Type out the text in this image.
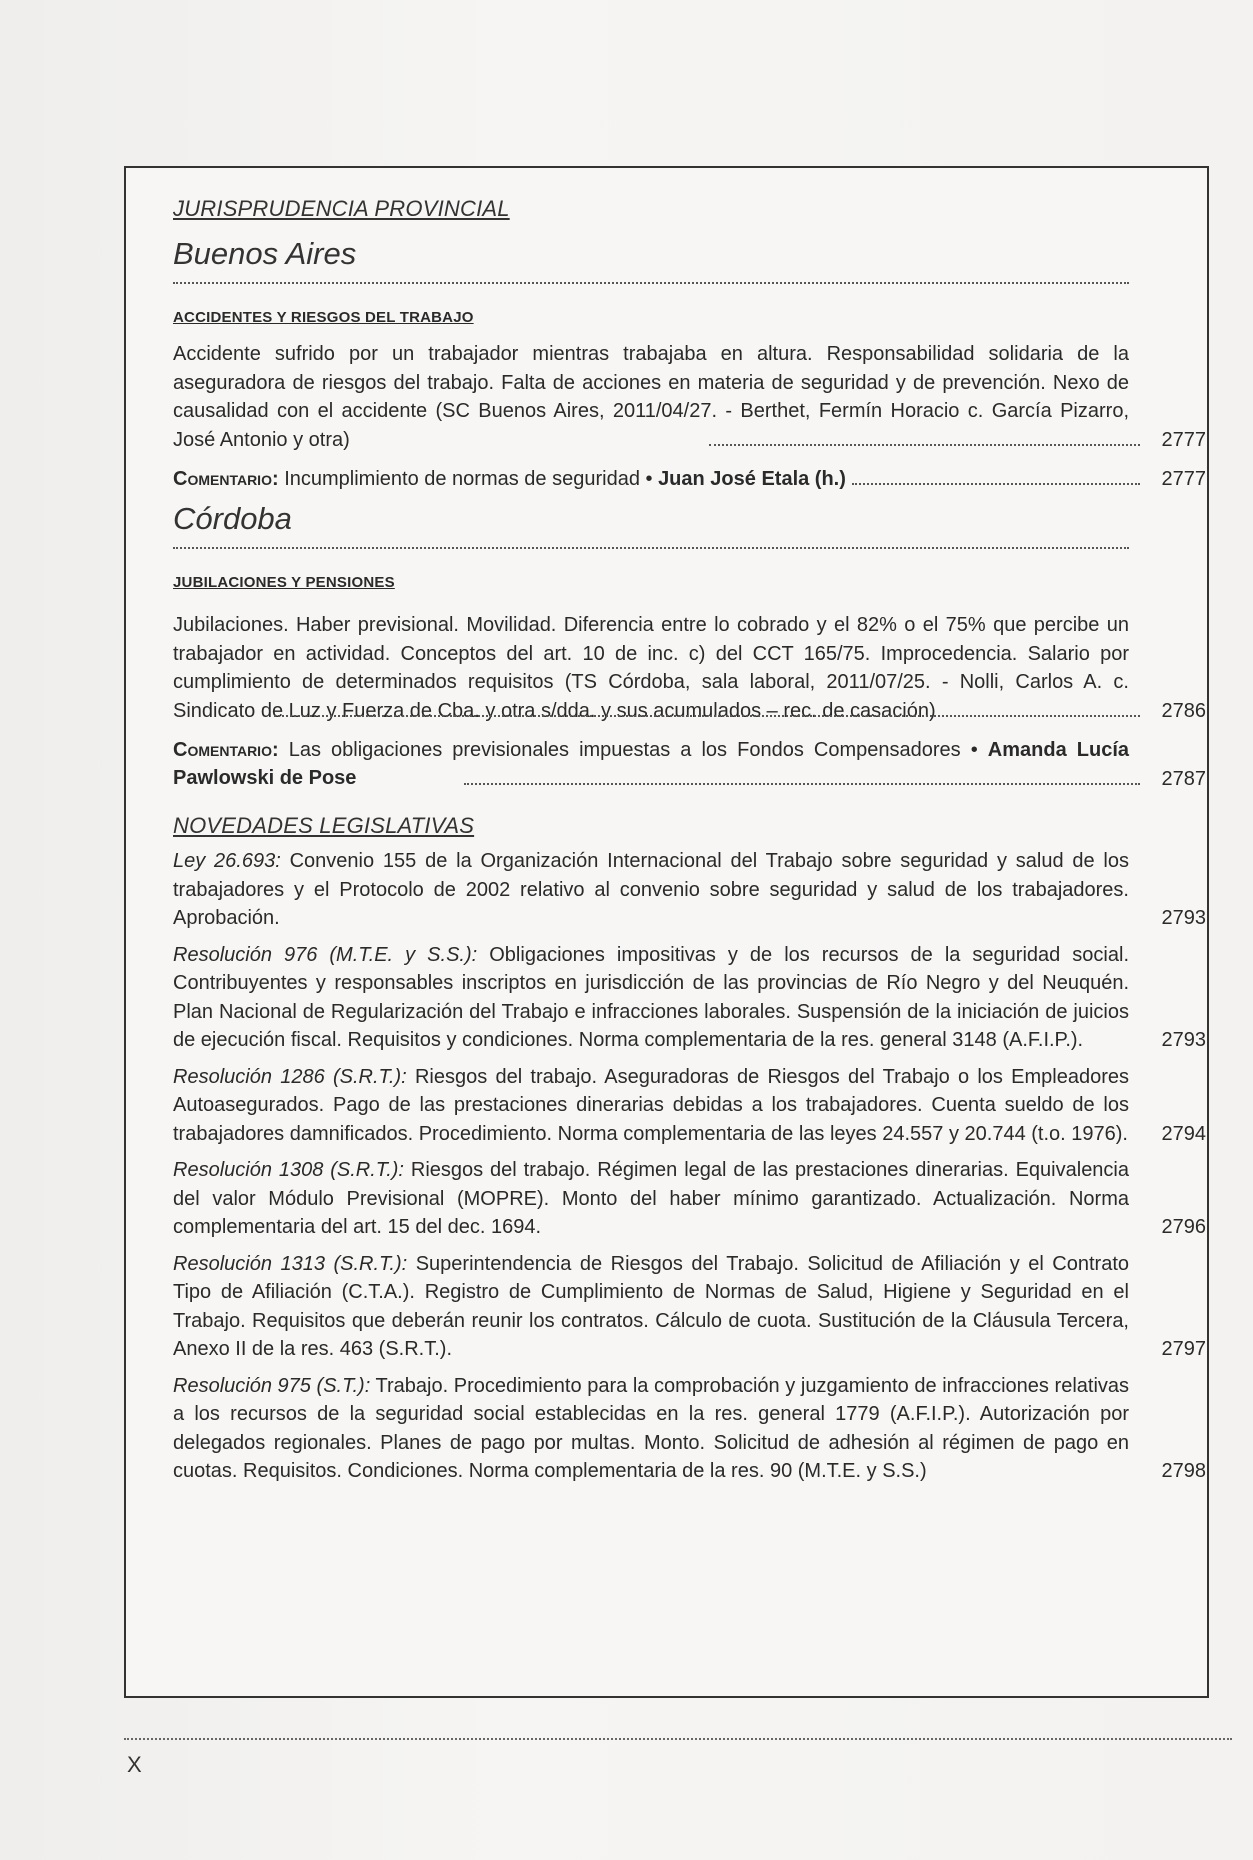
JURISPRUDENCIA PROVINCIAL

Buenos Aires

ACCIDENTES Y RIESGOS DEL TRABAJO

Accidente sufrido por un trabajador mientras trabajaba en altura. Responsabilidad solidaria de la aseguradora de riesgos del trabajo. Falta de acciones en materia de seguridad y de prevención. Nexo de causalidad con el accidente (SC Buenos Aires, 2011/04/27. - Berthet, Fermín Horacio c. García Pizarro, José Antonio y otra)	2777
Comentario: Incumplimiento de normas de seguridad • Juan José Etala (h.)	2777
Córdoba

JUBILACIONES Y PENSIONES

Jubilaciones. Haber previsional. Movilidad. Diferencia entre lo cobrado y el 82% o el 75% que percibe un trabajador en actividad. Conceptos del art. 10 de inc. c) del CCT 165/75. Improcedencia. Salario por cumplimiento de determinados requisitos (TS Córdoba, sala laboral, 2011/07/25. - Nolli, Carlos A. c. Sindicato de Luz y Fuerza de Cba. y otra s/dda. y sus acumulados – rec. de casación)	2786
Comentario: Las obligaciones previsionales impuestas a los Fondos Compensadores • Amanda Lucía Pawlowski de Pose	2787

NOVEDADES LEGISLATIVAS

Ley 26.693: Convenio 155 de la Organización Internacional del Trabajo sobre seguridad y salud de los trabajadores y el Protocolo de 2002 relativo al convenio sobre seguridad y salud de los trabajadores. Aprobación.	2793
Resolución 976 (M.T.E. y S.S.): Obligaciones impositivas y de los recursos de la seguridad social. Contribuyentes y responsables inscriptos en jurisdicción de las provincias de Río Negro y del Neuquén. Plan Nacional de Regularización del Trabajo e infracciones laborales. Suspensión de la iniciación de juicios de ejecución fiscal. Requisitos y condiciones. Norma complementaria de la res. general 3148 (A.F.I.P.).	2793
Resolución 1286 (S.R.T.): Riesgos del trabajo. Aseguradoras de Riesgos del Trabajo o los Empleadores Autoasegurados. Pago de las prestaciones dinerarias debidas a los trabajadores. Cuenta sueldo de los trabajadores damnificados. Procedimiento. Norma complementaria de las leyes 24.557 y 20.744 (t.o. 1976).	2794
Resolución 1308 (S.R.T.): Riesgos del trabajo. Régimen legal de las prestaciones dinerarias. Equivalencia del valor Módulo Previsional (MOPRE). Monto del haber mínimo garantizado. Actualización. Norma complementaria del art. 15 del dec. 1694.	2796
Resolución 1313 (S.R.T.): Superintendencia de Riesgos del Trabajo. Solicitud de Afiliación y el Contrato Tipo de Afiliación (C.T.A.). Registro de Cumplimiento de Normas de Salud, Higiene y Seguridad en el Trabajo. Requisitos que deberán reunir los contratos. Cálculo de cuota. Sustitución de la Cláusula Tercera, Anexo II de la res. 463 (S.R.T.).	2797
Resolución 975 (S.T.): Trabajo. Procedimiento para la comprobación y juzgamiento de infracciones relativas a los recursos de la seguridad social establecidas en la res. general 1779 (A.F.I.P.). Autorización por delegados regionales. Planes de pago por multas. Monto. Solicitud de adhesión al régimen de pago en cuotas. Requisitos. Condiciones. Norma complementaria de la res. 90 (M.T.E. y S.S.)	2798
X
